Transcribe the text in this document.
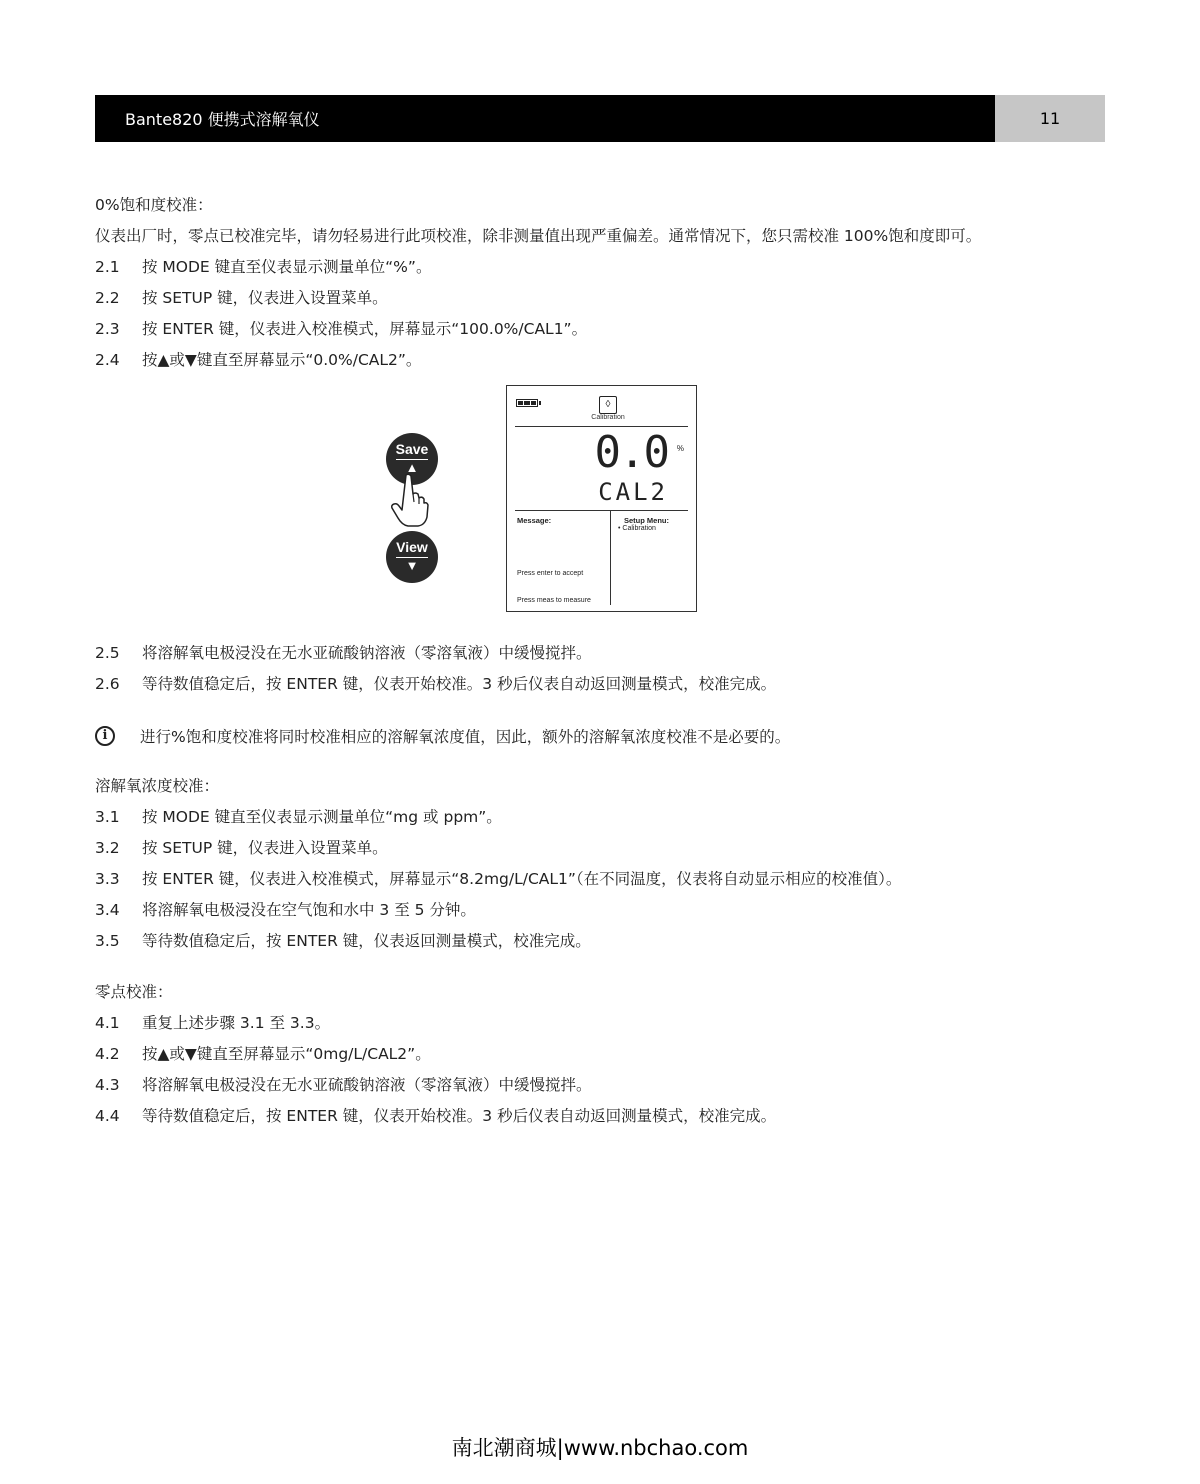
Bante820 便携式溶解氧仪	11
0%饱和度校准：
仪表出厂时，零点已校准完毕，请勿轻易进行此项校准，除非测量值出现严重偏差。通常情况下，您只需校准 100%饱和度即可。
2.1	按 MODE 键直至仪表显示测量单位“%”。
2.2	按 SETUP 键，仪表进入设置菜单。
2.3	按 ENTER 键，仪表进入校准模式，屏幕显示“100.0%/CAL1”。
2.4	按▲或▼键直至屏幕显示“0.0%/CAL2”。
Save
▲
View
▼
◊
Calibration
0.0 %
CAL2
Message:	Setup Menu:
• Calibration
Press enter to accept
Press meas to measure
2.5	将溶解氧电极浸没在无水亚硫酸钠溶液（零溶氧液）中缓慢搅拌。
2.6	等待数值稳定后，按 ENTER 键，仪表开始校准。3 秒后仪表自动返回测量模式，校准完成。
i	进行%饱和度校准将同时校准相应的溶解氧浓度值，因此，额外的溶解氧浓度校准不是必要的。
溶解氧浓度校准：
3.1	按 MODE 键直至仪表显示测量单位“mg 或 ppm”。
3.2	按 SETUP 键，仪表进入设置菜单。
3.3	按 ENTER 键，仪表进入校准模式，屏幕显示“8.2mg/L/CAL1”（在不同温度，仪表将自动显示相应的校准值）。
3.4	将溶解氧电极浸没在空气饱和水中 3 至 5 分钟。
3.5	等待数值稳定后，按 ENTER 键，仪表返回测量模式，校准完成。
零点校准：
4.1	重复上述步骤 3.1 至 3.3。
4.2	按▲或▼键直至屏幕显示“0mg/L/CAL2”。
4.3	将溶解氧电极浸没在无水亚硫酸钠溶液（零溶氧液）中缓慢搅拌。
4.4	等待数值稳定后，按 ENTER 键，仪表开始校准。3 秒后仪表自动返回测量模式，校准完成。
南北潮商城|www.nbchao.com
